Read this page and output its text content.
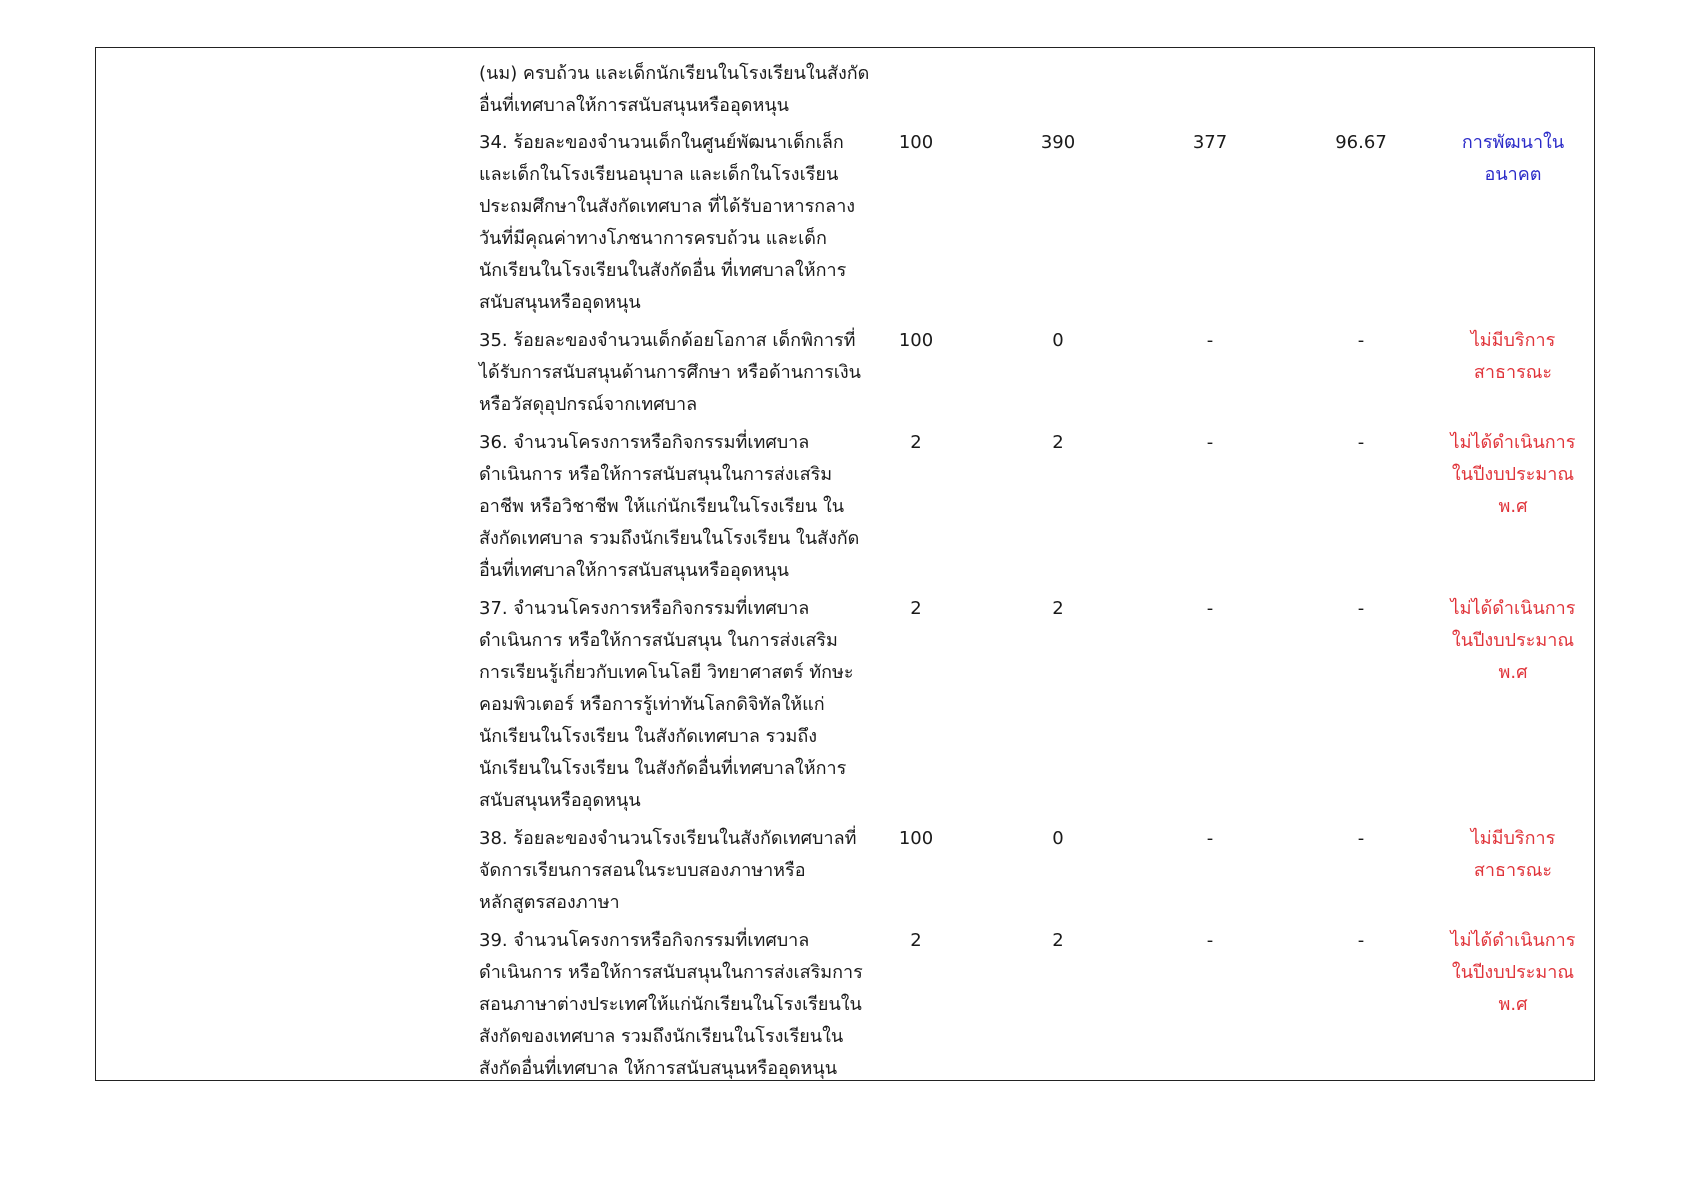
(นม) ครบถ้วน และเด็กนักเรียนในโรงเรียนในสังกัด
อื่นที่เทศบาลให้การสนับสนุนหรืออุดหนุน
34. ร้อยละของจำนวนเด็กในศูนย์พัฒนาเด็กเล็ก
และเด็กในโรงเรียนอนุบาล และเด็กในโรงเรียน
ประถมศึกษาในสังกัดเทศบาล ที่ได้รับอาหารกลาง
วันที่มีคุณค่าทางโภชนาการครบถ้วน และเด็ก
นักเรียนในโรงเรียนในสังกัดอื่น ที่เทศบาลให้การ
สนับสนุนหรืออุดหนุน
100	390	377	96.67	การพัฒนาใน
อนาคต
35. ร้อยละของจำนวนเด็กด้อยโอกาส เด็กพิการที่
ได้รับการสนับสนุนด้านการศึกษา หรือด้านการเงิน
หรือวัสดุอุปกรณ์จากเทศบาล
100	0	-	-	ไม่มีบริการ
สาธารณะ
36. จำนวนโครงการหรือกิจกรรมที่เทศบาล
ดำเนินการ หรือให้การสนับสนุนในการส่งเสริม
อาชีพ หรือวิชาชีพ ให้แก่นักเรียนในโรงเรียน ใน
สังกัดเทศบาล รวมถึงนักเรียนในโรงเรียน ในสังกัด
อื่นที่เทศบาลให้การสนับสนุนหรืออุดหนุน
2	2	-	-	ไม่ได้ดำเนินการ
ในปีงบประมาณ
พ.ศ
37. จำนวนโครงการหรือกิจกรรมที่เทศบาล
ดำเนินการ หรือให้การสนับสนุน ในการส่งเสริม
การเรียนรู้เกี่ยวกับเทคโนโลยี วิทยาศาสตร์ ทักษะ
คอมพิวเตอร์ หรือการรู้เท่าทันโลกดิจิทัลให้แก่
นักเรียนในโรงเรียน ในสังกัดเทศบาล รวมถึง
นักเรียนในโรงเรียน ในสังกัดอื่นที่เทศบาลให้การ
สนับสนุนหรืออุดหนุน
2	2	-	-	ไม่ได้ดำเนินการ
ในปีงบประมาณ
พ.ศ
38. ร้อยละของจำนวนโรงเรียนในสังกัดเทศบาลที่
จัดการเรียนการสอนในระบบสองภาษาหรือ
หลักสูตรสองภาษา
100	0	-	-	ไม่มีบริการ
สาธารณะ
39. จำนวนโครงการหรือกิจกรรมที่เทศบาล
ดำเนินการ หรือให้การสนับสนุนในการส่งเสริมการ
สอนภาษาต่างประเทศให้แก่นักเรียนในโรงเรียนใน
สังกัดของเทศบาล รวมถึงนักเรียนในโรงเรียนใน
สังกัดอื่นที่เทศบาล ให้การสนับสนุนหรืออุดหนุน
2	2	-	-	ไม่ได้ดำเนินการ
ในปีงบประมาณ
พ.ศ
